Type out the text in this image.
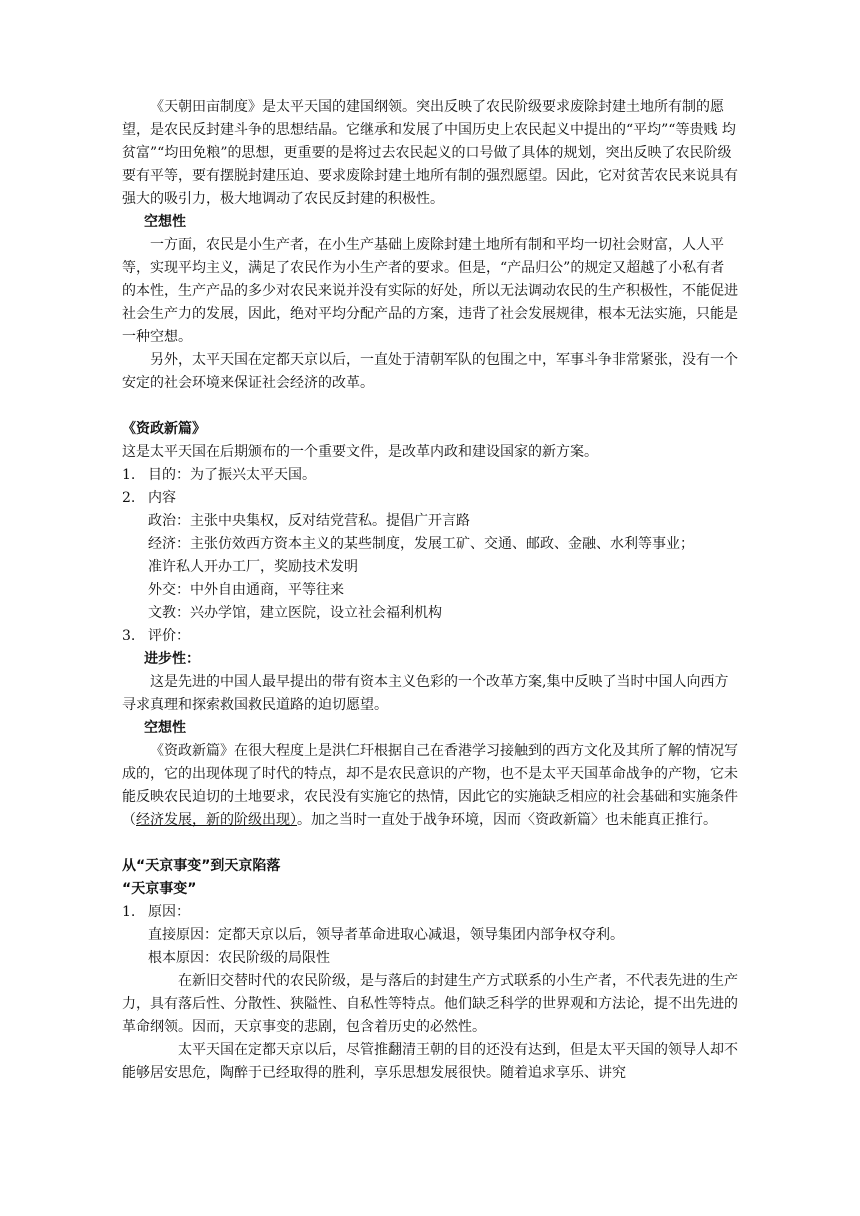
《天朝田亩制度》是太平天国的建国纲领。突出反映了农民阶级要求废除封建土地所有制的愿望，是农民反封建斗争的思想结晶。它继承和发展了中国历史上农民起义中提出的“平均”“等贵贱 均贫富”“均田免粮”的思想，更重要的是将过去农民起义的口号做了具体的规划，突出反映了农民阶级要有平等，要有摆脱封建压迫、要求废除封建土地所有制的强烈愿望。因此，它对贫苦农民来说具有强大的吸引力，极大地调动了农民反封建的积极性。

空想性

一方面，农民是小生产者，在小生产基础上废除封建土地所有制和平均一切社会财富，人人平等，实现平均主义，满足了农民作为小生产者的要求。但是，“产品归公”的规定又超越了小私有者的本性，生产产品的多少对农民来说并没有实际的好处，所以无法调动农民的生产积极性，不能促进社会生产力的发展，因此，绝对平均分配产品的方案，违背了社会发展规律，根本无法实施，只能是一种空想。

另外，太平天国在定都天京以后，一直处于清朝军队的包围之中，军事斗争非常紧张，没有一个安定的社会环境来保证社会经济的改革。

《资政新篇》

这是太平天国在后期颁布的一个重要文件，是改革内政和建设国家的新方案。

1. 目的：为了振兴太平天国。
2. 内容

政治：主张中央集权，反对结党营私。提倡广开言路

经济：主张仿效西方资本主义的某些制度，发展工矿、交通、邮政、金融、水利等事业；

准许私人开办工厂，奖励技术发明

外交：中外自由通商，平等往来

文教：兴办学馆，建立医院，设立社会福利机构

3. 评价：

进步性：

这是先进的中国人最早提出的带有资本主义色彩的一个改革方案,集中反映了当时中国人向西方寻求真理和探索救国救民道路的迫切愿望。

空想性

《资政新篇》在很大程度上是洪仁玕根据自己在香港学习接触到的西方文化及其所了解的情况写成的，它的出现体现了时代的特点，却不是农民意识的产物，也不是太平天国革命战争的产物，它未能反映农民迫切的土地要求，农民没有实施它的热情，因此它的实施缺乏相应的社会基础和实施条件（经济发展，新的阶级出现）。加之当时一直处于战争环境，因而〈资政新篇〉也未能真正推行。

从“天京事变”到天京陷落

“天京事变”

1. 原因：

直接原因：定都天京以后，领导者革命进取心减退，领导集团内部争权夺利。

根本原因：农民阶级的局限性

在新旧交替时代的农民阶级，是与落后的封建生产方式联系的小生产者，不代表先进的生产力，具有落后性、分散性、狭隘性、自私性等特点。他们缺乏科学的世界观和方法论，提不出先进的革命纲领。因而，天京事变的悲剧，包含着历史的必然性。

太平天国在定都天京以后，尽管推翻清王朝的目的还没有达到，但是太平天国的领导人却不能够居安思危，陶醉于已经取得的胜利，享乐思想发展很快。随着追求享乐、讲究
